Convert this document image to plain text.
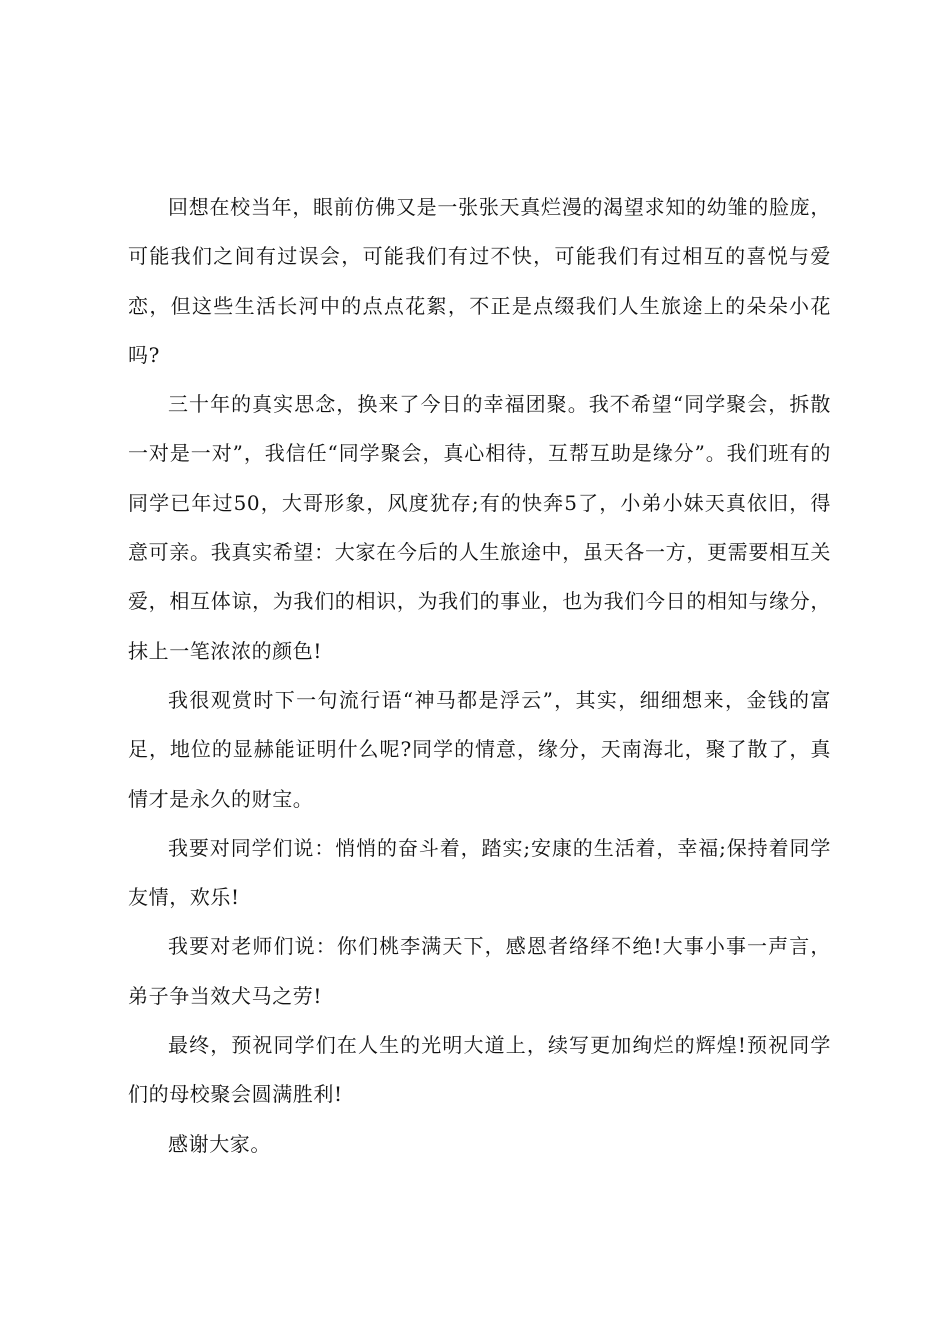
回想在校当年，眼前仿佛又是一张张天真烂漫的渴望求知的幼雏的脸庞，可能我们之间有过误会，可能我们有过不快，可能我们有过相互的喜悦与爱恋，但这些生活长河中的点点花絮，不正是点缀我们人生旅途上的朵朵小花吗?

三十年的真实思念，换来了今日的幸福团聚。我不希望“同学聚会，拆散一对是一对”，我信任“同学聚会，真心相待，互帮互助是缘分”。我们班有的同学已年过50，大哥形象，风度犹存;有的快奔5了，小弟小妹天真依旧，得意可亲。我真实希望：大家在今后的人生旅途中，虽天各一方，更需要相互关爱，相互体谅，为我们的相识，为我们的事业，也为我们今日的相知与缘分，抹上一笔浓浓的颜色!

我很观赏时下一句流行语“神马都是浮云”，其实，细细想来，金钱的富足，地位的显赫能证明什么呢?同学的情意，缘分，天南海北，聚了散了，真情才是永久的财宝。

我要对同学们说：悄悄的奋斗着，踏实;安康的生活着，幸福;保持着同学友情，欢乐!

我要对老师们说：你们桃李满天下，感恩者络绎不绝!大事小事一声言，弟子争当效犬马之劳!

最终，预祝同学们在人生的光明大道上，续写更加绚烂的辉煌!预祝同学们的母校聚会圆满胜利!

感谢大家。
